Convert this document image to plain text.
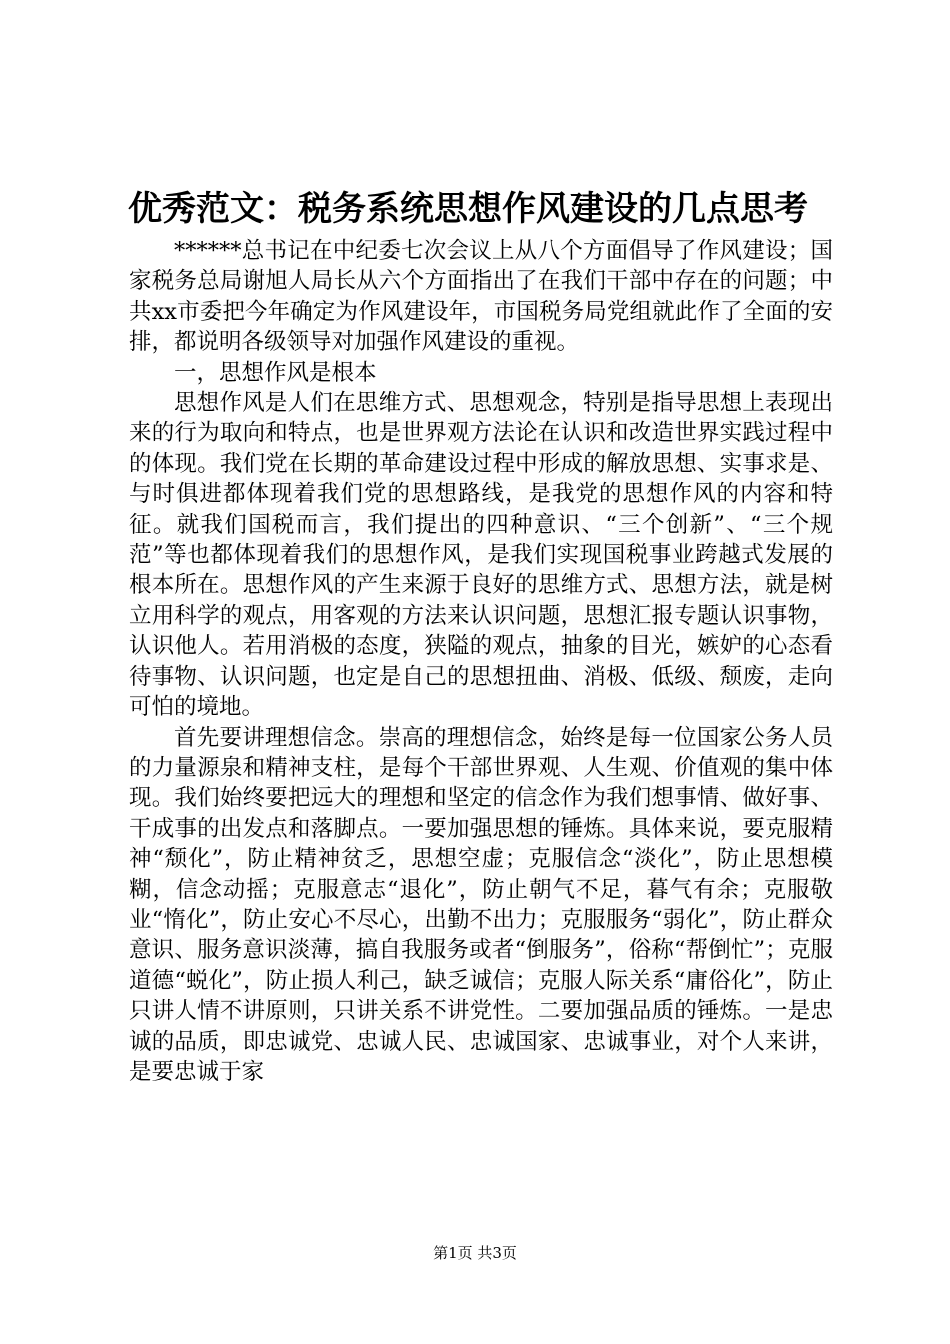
优秀范文：税务系统思想作风建设的几点思考

******总书记在中纪委七次会议上从八个方面倡导了作风建设；国家税务总局谢旭人局长从六个方面指出了在我们干部中存在的问题；中共xx市委把今年确定为作风建设年，市国税务局党组就此作了全面的安排，都说明各级领导对加强作风建设的重视。

一，思想作风是根本

思想作风是人们在思维方式、思想观念，特别是指导思想上表现出来的行为取向和特点，也是世界观方法论在认识和改造世界实践过程中的体现。我们党在长期的革命建设过程中形成的解放思想、实事求是、与时俱进都体现着我们党的思想路线，是我党的思想作风的内容和特征。就我们国税而言，我们提出的四种意识、“三个创新”、“三个规范”等也都体现着我们的思想作风，是我们实现国税事业跨越式发展的根本所在。思想作风的产生来源于良好的思维方式、思想方法，就是树立用科学的观点，用客观的方法来认识问题，思想汇报专题认识事物，认识他人。若用消极的态度，狭隘的观点，抽象的目光，嫉妒的心态看待事物、认识问题，也定是自己的思想扭曲、消极、低级、颓废，走向可怕的境地。

首先要讲理想信念。崇高的理想信念，始终是每一位国家公务人员的力量源泉和精神支柱，是每个干部世界观、人生观、价值观的集中体现。我们始终要把远大的理想和坚定的信念作为我们想事情、做好事、干成事的出发点和落脚点。一要加强思想的锤炼。具体来说，要克服精神“颓化”，防止精神贫乏，思想空虚；克服信念“淡化”，防止思想模糊，信念动摇；克服意志“退化”，防止朝气不足，暮气有余；克服敬业“惰化”，防止安心不尽心，出勤不出力；克服服务“弱化”，防止群众意识、服务意识淡薄，搞自我服务或者“倒服务”，俗称“帮倒忙”；克服道德“蜕化”，防止损人利己，缺乏诚信；克服人际关系“庸俗化”，防止只讲人情不讲原则，只讲关系不讲党性。二要加强品质的锤炼。一是忠诚的品质，即忠诚党、忠诚人民、忠诚国家、忠诚事业，对个人来讲，是要忠诚于家

第1页 共3页
